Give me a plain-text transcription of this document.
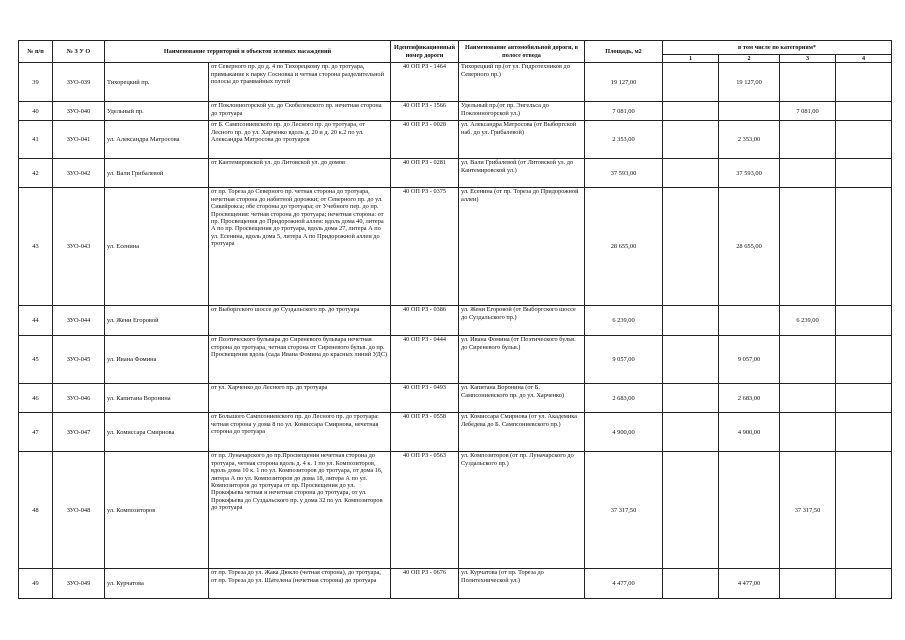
№ п/п	№ З У О	Наименование территорий и объектов зеленых насаждений		Идентификационный номер дороги	Наименование автомобильной дороги, в полосе отвода	Площадь, м2	в том числе по категориям*			
							1	2	3	4
39	ЗУО-039	Тихорецкий пр.	от Северного пр. до д. 4 по Тихорецкому пр. до тротуара, примыкание к парку Сосновка и четная сторона разделительной полосы до трамвайных путей	40 ОП РЗ - 1464	Тихорецкий пр.(от ул. Гидротехников до Северного пр.)	19 127,00		19 127,00		
40	ЗУО-040	Удельный пр.	от Поклонногорской ул. до Скобелевского пр. нечетная сторона до тротуара	40 ОП РЗ - 1566	Удельный пр.(от пр. Энгельса до Поклонногорской ул.)	7 081,00			7 081,00	
41	ЗУО-041	ул. Александра Матросова	от Б. Сампсониевского пр. до Лесного пр. до тротуара, от Лесного пр. до ул. Харченко вдоль д. 20 и д. 20 к.2 по ул. Александра Матросова до тротуаров	40 ОП РЗ - 0028	ул. Александра Матросова (от Выборгской наб. до ул. Грибалевой)	2 353,00		2 353,00		
42	ЗУО-042	ул. Вали Грибалевой	от Кантемировской ул. до Литовской ул. до домов	40 ОП РЗ - 0281	ул. Вали Грибалевой (от Литовской ул. до Кантемировской ул.)	37 593,00		37 593,00		
43	ЗУО-043	ул. Есенина	от пр. Тореза до Северного пр. четная сторона до тротуара, нечетная сторона до набитной дорожки; от Северного пр. до ул. Сикейрокса; обе стороны до тротуара; от Учебного пер. до пр. Просвещения: четная сторона до тротуара; нечетная сторона: от пр. Просвещения до Придорожной аллеи: вдоль дома 40, литера А по пр. Просвещения до тротуара, вдоль дома 27, литера А по ул. Есенина, вдоль дома 5, литера А по Придорожной аллеи до тротуара	40 ОП РЗ - 0375	ул. Есенина (от пр. Тореза до Придорожной аллеи)	28 655,00		28 655,00		
44	ЗУО-044	ул. Жени Егоровой	от Выборгского шоссе до Суздальского пр. до тротуара	40 ОП РЗ - 0386	ул. Жени Егоровой (от Выборгского шоссе до Суздальского пр.)	6 239,00			6 239,00	
45	ЗУО-045	ул. Ивана Фомина	от Поэтического бульвара до Сиреневого бульвара нечетная сторона до тротуара, четная сторона от Сиреневого бульв. до пр. Просвещения вдоль (сада Ивана Фомина до красных линий УДС)	40 ОП РЗ - 0444	ул. Ивана Фомина (от Поэтического бульв. до Сиреневого бульв.)	9 057,00		9 057,00		
46	ЗУО-046	ул. Капитана Воронина	от ул. Харченко до Лесного пр. до тротуара	40 ОП РЗ - 0493	ул. Капитана Воронина (от Б. Сампсониевского пр. до ул. Харченко)	2 683,00		2 683,00		
47	ЗУО-047	ул. Комиссара Смирнова	от Большого Сампсониевского пр. до Лесного пр. до тротуара: четная сторона у дома 8 по ул. Комиссара Смирнова, нечетная сторона до тротуара	40 ОП РЗ - 0558	ул. Комиссара Смирнова (от ул. Академика Лебедева до Б. Сампсониевского пр.)	4 900,00		4 900,00		
48	ЗУО-048	ул. Композиторов	от пр. Луначарского до пр.Просвещения нечетная сторона до тротуара, четная сторона вдоль д. 4 к. 1 по ул. Композиторов, вдоль дома 10 к. 1 по ул. Композиторов до тротуара, от дома 16, литера А по ул. Композиторов до дома 18, литера А по ул. Композиторов до тротуара от пр. Просвещения до ул. Прокофьева четная и нечетная сторона до тротуара, от ул. Прокофьева до Суздальского пр. у дома 32 по ул. Композиторов до тротуара	40 ОП РЗ - 0563	ул. Композиторов (от пр. Луначарского до Суздальского пр.)	37 317,50			37 317,50	
49	ЗУО-049	ул. Курчатова	от пр. Тореза до ул. Жака Дюкло (четная сторона), до тротуара, от пр. Тореза до ул. Шателена (нечетная сторона) до тротуара	40 ОП РЗ - 0676	ул. Курчатова (от пр. Тореза до Политехнической ул.)	4 477,00		4 477,00		
